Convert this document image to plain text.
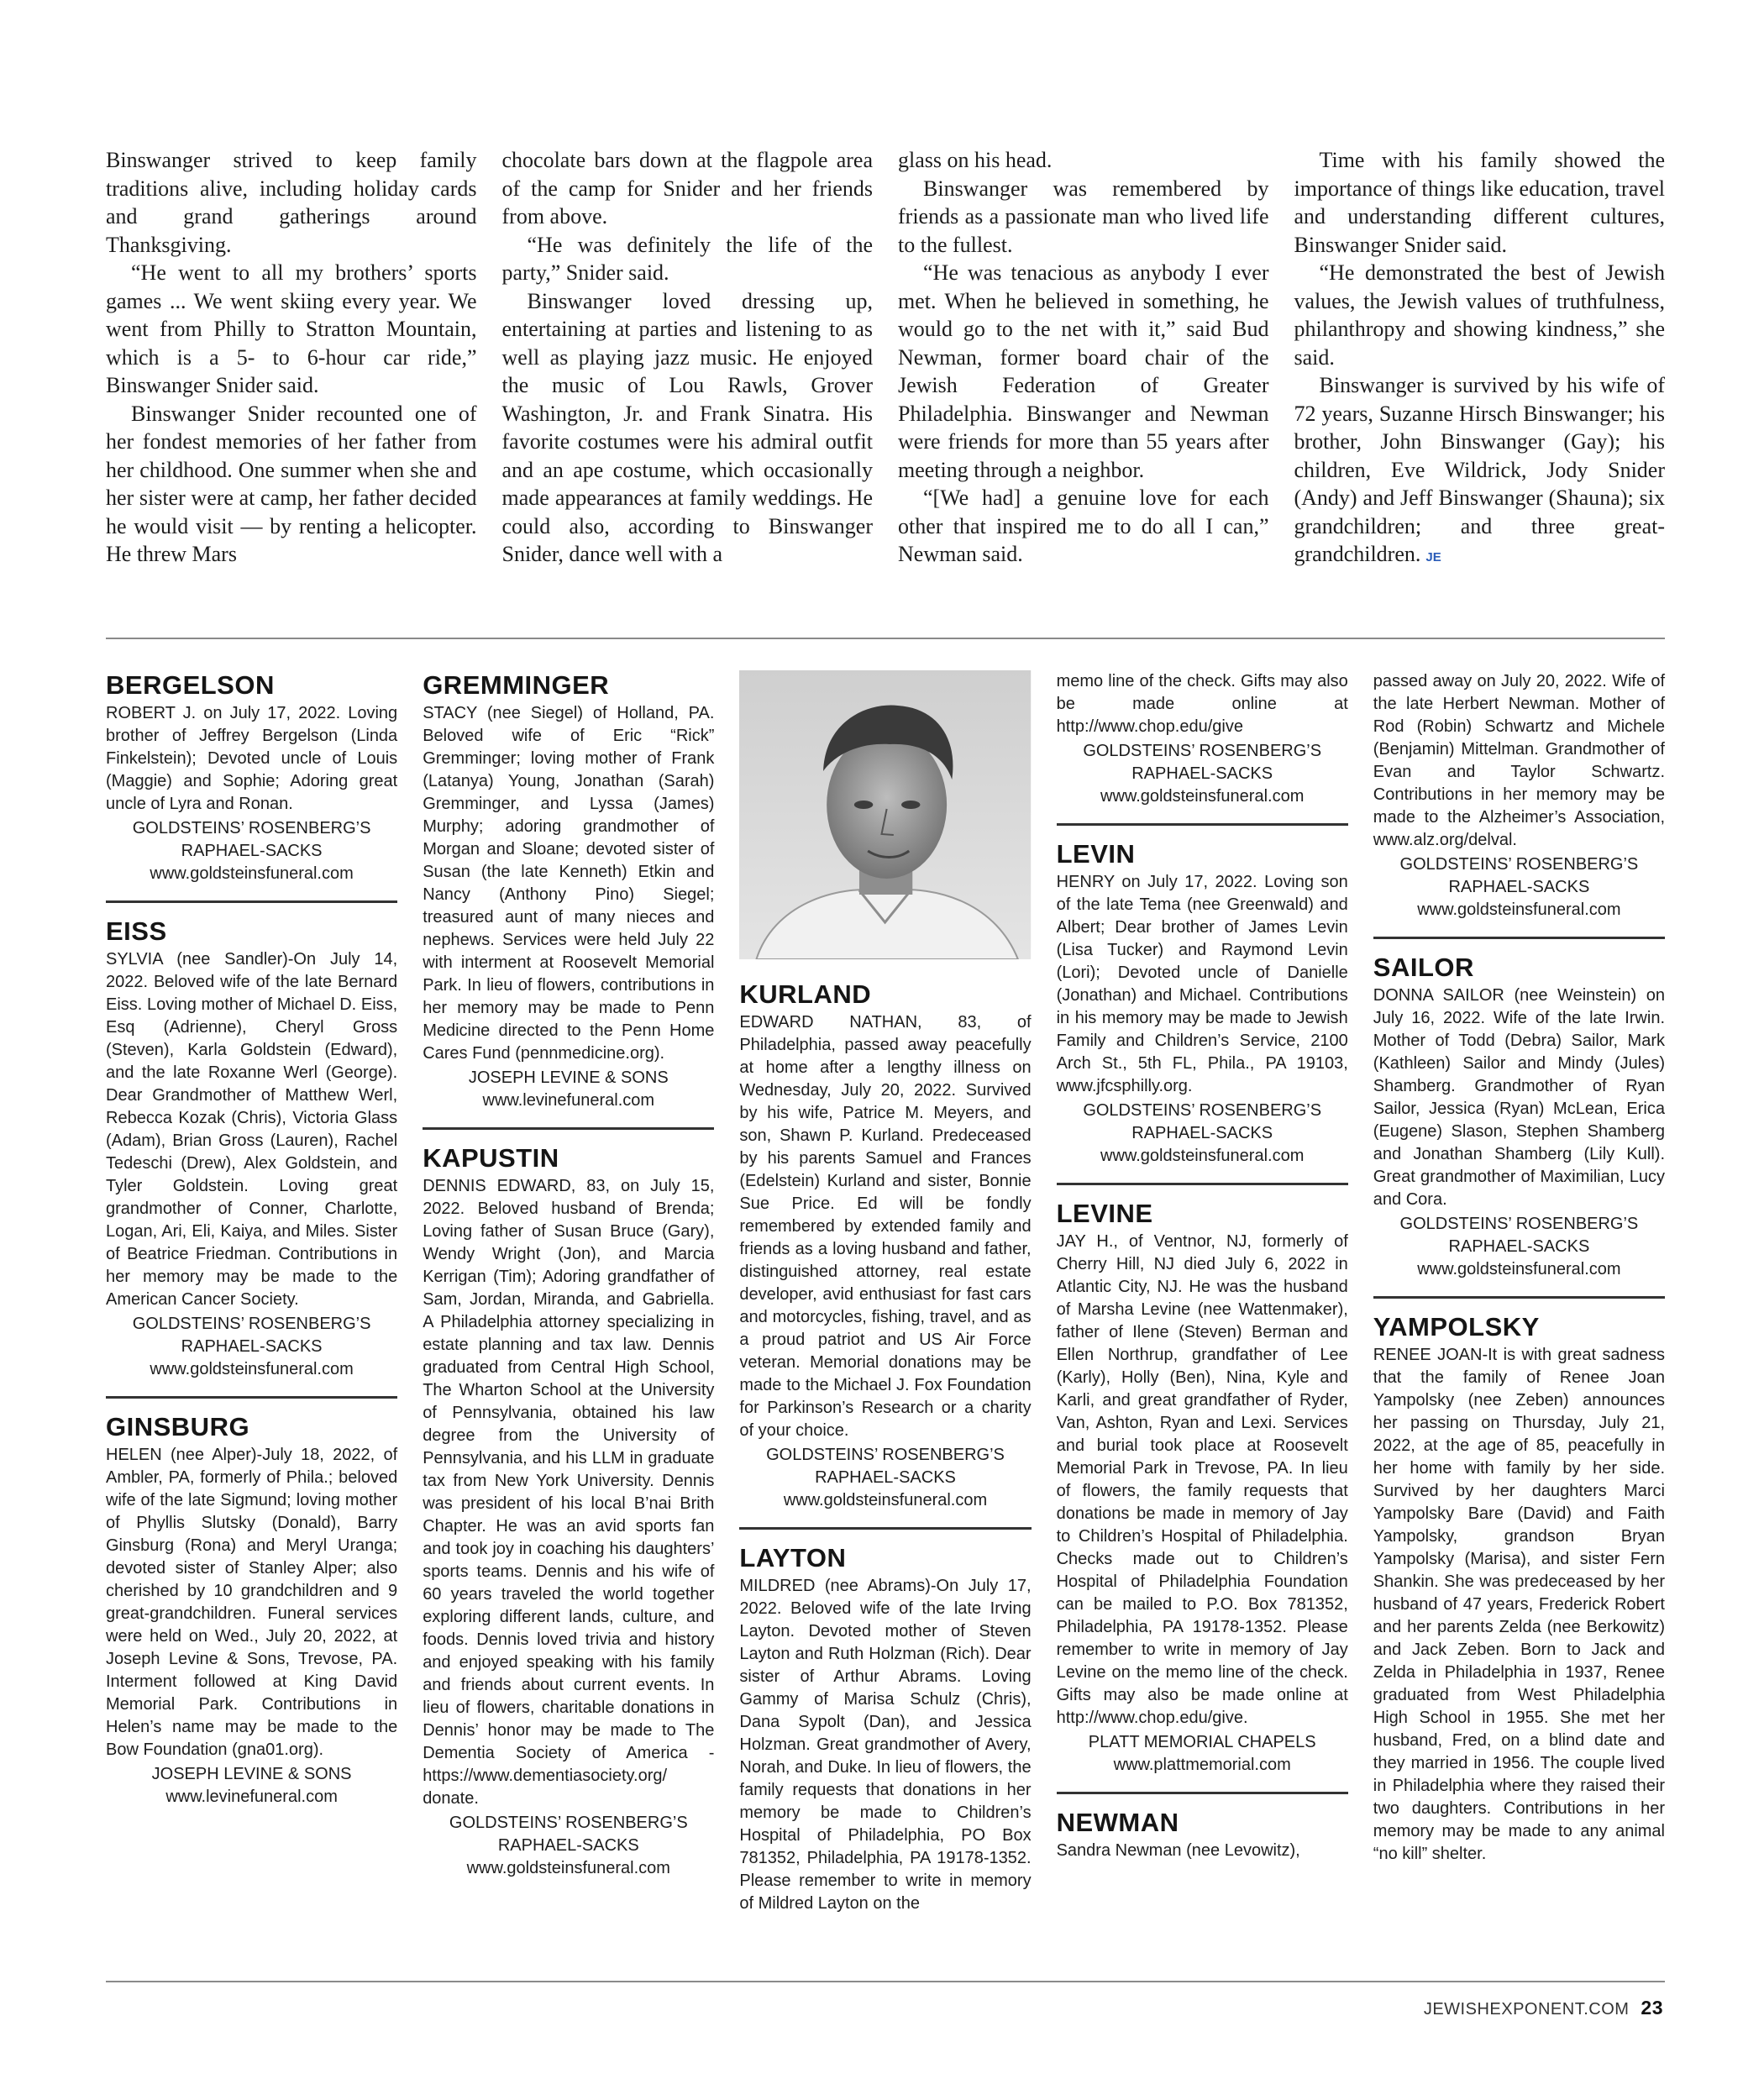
Binswanger strived to keep family traditions alive, including holiday cards and grand gatherings around Thanksgiving.

“He went to all my brothers’ sports games ... We went skiing every year. We went from Philly to Stratton Mountain, which is a 5- to 6-hour car ride,” Binswanger Snider said.

Binswanger Snider recounted one of her fondest memories of her father from her childhood. One summer when she and her sister were at camp, her father decided he would visit — by renting a helicopter. He threw Mars

chocolate bars down at the flagpole area of the camp for Snider and her friends from above.

“He was definitely the life of the party,” Snider said.

Binswanger loved dressing up, entertaining at parties and listening to as well as playing jazz music. He enjoyed the music of Lou Rawls, Grover Washington, Jr. and Frank Sinatra. His favorite costumes were his admiral outfit and an ape costume, which occasionally made appearances at family weddings. He could also, according to Binswanger Snider, dance well with a

glass on his head.

Binswanger was remembered by friends as a passionate man who lived life to the fullest.

“He was tenacious as anybody I ever met. When he believed in something, he would go to the net with it,” said Bud Newman, former board chair of the Jewish Federation of Greater Philadelphia. Binswanger and Newman were friends for more than 55 years after meeting through a neighbor.

“[We had] a genuine love for each other that inspired me to do all I can,” Newman said.

Time with his family showed the importance of things like education, travel and understanding different cultures, Binswanger Snider said.

“He demonstrated the best of Jewish values, the Jewish values of truthfulness, philanthropy and showing kindness,” she said.

Binswanger is survived by his wife of 72 years, Suzanne Hirsch Binswanger; his brother, John Binswanger (Gay); his children, Eve Wildrick, Jody Snider (Andy) and Jeff Binswanger (Shauna); six grandchildren; and three great-grandchildren. JE

BERGELSON

ROBERT J. on July 17, 2022. Loving brother of Jeffrey Bergelson (Linda Finkelstein); Devoted uncle of Louis (Maggie) and Sophie; Adoring great uncle of Lyra and Ronan.

GOLDSTEINS’ ROSENBERG’S

RAPHAEL-SACKS

www.goldsteinsfuneral.com

EISS

SYLVIA (nee Sandler)-On July 14, 2022. Beloved wife of the late Bernard Eiss. Loving mother of Michael D. Eiss, Esq (Adrienne), Cheryl Gross (Steven), Karla Goldstein (Edward), and the late Roxanne Werl (George). Dear Grandmother of Matthew Werl, Rebecca Kozak (Chris), Victoria Glass (Adam), Brian Gross (Lauren), Rachel Tedeschi (Drew), Alex Goldstein, and Tyler Goldstein. Loving great grandmother of Conner, Charlotte, Logan, Ari, Eli, Kaiya, and Miles. Sister of Beatrice Friedman. Contributions in her memory may be made to the American Cancer Society.

GOLDSTEINS’ ROSENBERG’S

RAPHAEL-SACKS

www.goldsteinsfuneral.com

GINSBURG

HELEN (nee Alper)-July 18, 2022, of Ambler, PA, formerly of Phila.; beloved wife of the late Sigmund; loving mother of Phyllis Slutsky (Donald), Barry Ginsburg (Rona) and Meryl Uranga; devoted sister of Stanley Alper; also cherished by 10 grandchildren and 9 great-grandchildren. Funeral services were held on Wed., July 20, 2022, at Joseph Levine & Sons, Trevose, PA. Interment followed at King David Memorial Park. Contributions in Helen’s name may be made to the Bow Foundation (gna01.org).

JOSEPH LEVINE & SONS

www.levinefuneral.com

GREMMINGER

STACY (nee Siegel) of Holland, PA. Beloved wife of Eric “Rick” Gremminger; loving mother of Frank (Latanya) Young, Jonathan (Sarah) Gremminger, and Lyssa (James) Murphy; adoring grandmother of Morgan and Sloane; devoted sister of Susan (the late Kenneth) Etkin and Nancy (Anthony Pino) Siegel; treasured aunt of many nieces and nephews. Services were held July 22 with interment at Roosevelt Memorial Park. In lieu of flowers, contributions in her memory may be made to Penn Medicine directed to the Penn Home Cares Fund (pennmedicine.org).

JOSEPH LEVINE & SONS

www.levinefuneral.com

KAPUSTIN

DENNIS EDWARD, 83, on July 15, 2022. Beloved husband of Brenda; Loving father of Susan Bruce (Gary), Wendy Wright (Jon), and Marcia Kerrigan (Tim); Adoring grandfather of Sam, Jordan, Miranda, and Gabriella. A Philadelphia attorney specializing in estate planning and tax law. Dennis graduated from Central High School, The Wharton School at the University of Pennsylvania, obtained his law degree from the University of Pennsylvania, and his LLM in graduate tax from New York University. Dennis was president of his local B’nai Brith Chapter. He was an avid sports fan and took joy in coaching his daughters’ sports teams. Dennis and his wife of 60 years traveled the world together exploring different lands, culture, and foods. Dennis loved trivia and history and enjoyed speaking with his family and friends about current events. In lieu of flowers, charitable donations in Dennis’ honor may be made to The Dementia Society of America - https://www.dementiasociety.org/ donate.

GOLDSTEINS’ ROSENBERG’S

RAPHAEL-SACKS

www.goldsteinsfuneral.com

KURLAND

EDWARD NATHAN, 83, of Philadelphia, passed away peacefully at home after a lengthy illness on Wednesday, July 20, 2022. Survived by his wife, Patrice M. Meyers, and son, Shawn P. Kurland. Predeceased by his parents Samuel and Frances (Edelstein) Kurland and sister, Bonnie Sue Price. Ed will be fondly remembered by extended family and friends as a loving husband and father, distinguished attorney, real estate developer, avid enthusiast for fast cars and motorcycles, fishing, travel, and as a proud patriot and US Air Force veteran. Memorial donations may be made to the Michael J. Fox Foundation for Parkinson’s Research or a charity of your choice.

GOLDSTEINS’ ROSENBERG’S

RAPHAEL-SACKS

www.goldsteinsfuneral.com

LAYTON

MILDRED (nee Abrams)-On July 17, 2022. Beloved wife of the late Irving Layton. Devoted mother of Steven Layton and Ruth Holzman (Rich). Dear sister of Arthur Abrams. Loving Gammy of Marisa Schulz (Chris), Dana Sypolt (Dan), and Jessica Holzman. Great grandmother of Avery, Norah, and Duke. In lieu of flowers, the family requests that donations in her memory be made to Children’s Hospital of Philadelphia, PO Box 781352, Philadelphia, PA 19178-1352. Please remember to write in memory of Mildred Layton on the

memo line of the check. Gifts may also be made online at http://www.chop.edu/give

GOLDSTEINS’ ROSENBERG’S

RAPHAEL-SACKS

www.goldsteinsfuneral.com

LEVIN

HENRY on July 17, 2022. Loving son of the late Tema (nee Greenwald) and Albert; Dear brother of James Levin (Lisa Tucker) and Raymond Levin (Lori); Devoted uncle of Danielle (Jonathan) and Michael. Contributions in his memory may be made to Jewish Family and Children’s Service, 2100 Arch St., 5th FL, Phila., PA 19103, www.jfcsphilly.org.

GOLDSTEINS’ ROSENBERG’S

RAPHAEL-SACKS

www.goldsteinsfuneral.com

LEVINE

JAY H., of Ventnor, NJ, formerly of Cherry Hill, NJ died July 6, 2022 in Atlantic City, NJ. He was the husband of Marsha Levine (nee Wattenmaker), father of Ilene (Steven) Berman and Ellen Northrup, grandfather of Lee (Karly), Holly (Ben), Nina, Kyle and Karli, and great grandfather of Ryder, Van, Ashton, Ryan and Lexi. Services and burial took place at Roosevelt Memorial Park in Trevose, PA. In lieu of flowers, the family requests that donations be made in memory of Jay to Children’s Hospital of Philadelphia. Checks made out to Children’s Hospital of Philadelphia Foundation can be mailed to P.O. Box 781352, Philadelphia, PA 19178-1352. Please remember to write in memory of Jay Levine on the memo line of the check. Gifts may also be made online at http://www.chop.edu/give.

PLATT MEMORIAL CHAPELS

www.plattmemorial.com

NEWMAN

Sandra Newman (nee Levowitz),

passed away on July 20, 2022. Wife of the late Herbert Newman. Mother of Rod (Robin) Schwartz and Michele (Benjamin) Mittelman. Grandmother of Evan and Taylor Schwartz. Contributions in her memory may be made to the Alzheimer’s Association, www.alz.org/delval.

GOLDSTEINS’ ROSENBERG’S

RAPHAEL-SACKS

www.goldsteinsfuneral.com

SAILOR

DONNA SAILOR (nee Weinstein) on July 16, 2022. Wife of the late Irwin. Mother of Todd (Debra) Sailor, Mark (Kathleen) Sailor and Mindy (Jules) Shamberg. Grandmother of Ryan Sailor, Jessica (Ryan) McLean, Erica (Eugene) Slason, Stephen Shamberg and Jonathan Shamberg (Lily Kull). Great grandmother of Maximilian, Lucy and Cora.

GOLDSTEINS’ ROSENBERG’S

RAPHAEL-SACKS

www.goldsteinsfuneral.com

YAMPOLSKY

RENEE JOAN-It is with great sadness that the family of Renee Joan Yampolsky (nee Zeben) announces her passing on Thursday, July 21, 2022, at the age of 85, peacefully in her home with family by her side. Survived by her daughters Marci Yampolsky Bare (David) and Faith Yampolsky, grandson Bryan Yampolsky (Marisa), and sister Fern Shankin. She was predeceased by her husband of 47 years, Frederick Robert and her parents Zelda (nee Berkowitz) and Jack Zeben. Born to Jack and Zelda in Philadelphia in 1937, Renee graduated from West Philadelphia High School in 1955. She met her husband, Fred, on a blind date and they married in 1956. The couple lived in Philadelphia where they raised their two daughters. Contributions in her memory may be made to any animal “no kill” shelter.

JEWISHEXPONENT.COM 23
